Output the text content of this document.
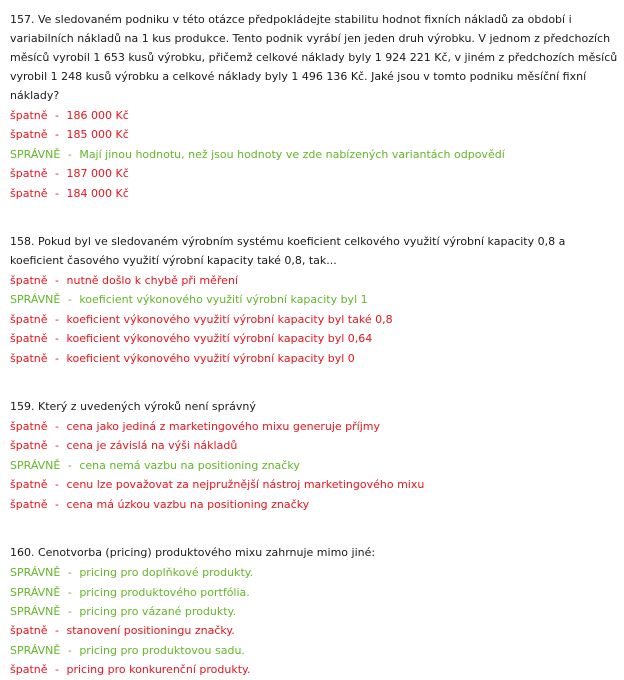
157. Ve sledovaném podniku v této otázce předpokládejte stabilitu hodnot fixních nákladů za období i variabilních nákladů na 1 kus produkce. Tento podnik vyrábí jen jeden druh výrobku. V jednom z předchozích měsíců vyrobil 1 653 kusů výrobku, přičemž celkové náklady byly 1 924 221 Kč, v jiném z předchozích měsíců vyrobil 1 248 kusů výrobku a celkové náklady byly 1 496 136 Kč. Jaké jsou v tomto podniku měsíční fixní náklady?
špatně - 186 000 Kč
špatně - 185 000 Kč
SPRÁVNĚ - Mají jinou hodnotu, než jsou hodnoty ve zde nabízených variantách odpovědí
špatně - 187 000 Kč
špatně - 184 000 Kč
158. Pokud byl ve sledovaném výrobním systému koeficient celkového využití výrobní kapacity 0,8 a koeficient časového využití výrobní kapacity také 0,8, tak...
špatně - nutně došlo k chybě při měření
SPRÁVNĚ - koeficient výkonového využití výrobní kapacity byl 1
špatně - koeficient výkonového využití výrobní kapacity byl také 0,8
špatně - koeficient výkonového využití výrobní kapacity byl 0,64
špatně - koeficient výkonového využití výrobní kapacity byl 0
159. Který z uvedených výroků není správný
špatně - cena jako jediná z marketingového mixu generuje příjmy
špatně - cena je závislá na výši nákladů
SPRÁVNĚ - cena nemá vazbu na positioning značky
špatně - cenu lze považovat za nejpružnější nástroj marketingového mixu
špatně - cena má úzkou vazbu na positioning značky
160. Cenotvorba (pricing) produktového mixu zahrnuje mimo jiné:
SPRÁVNĚ - pricing pro doplňkové produkty.
SPRÁVNĚ - pricing produktového portfólia.
SPRÁVNĚ - pricing pro vázané produkty.
špatně - stanovení positioningu značky.
SPRÁVNĚ - pricing pro produktovou sadu.
špatně - pricing pro konkurenční produkty.
